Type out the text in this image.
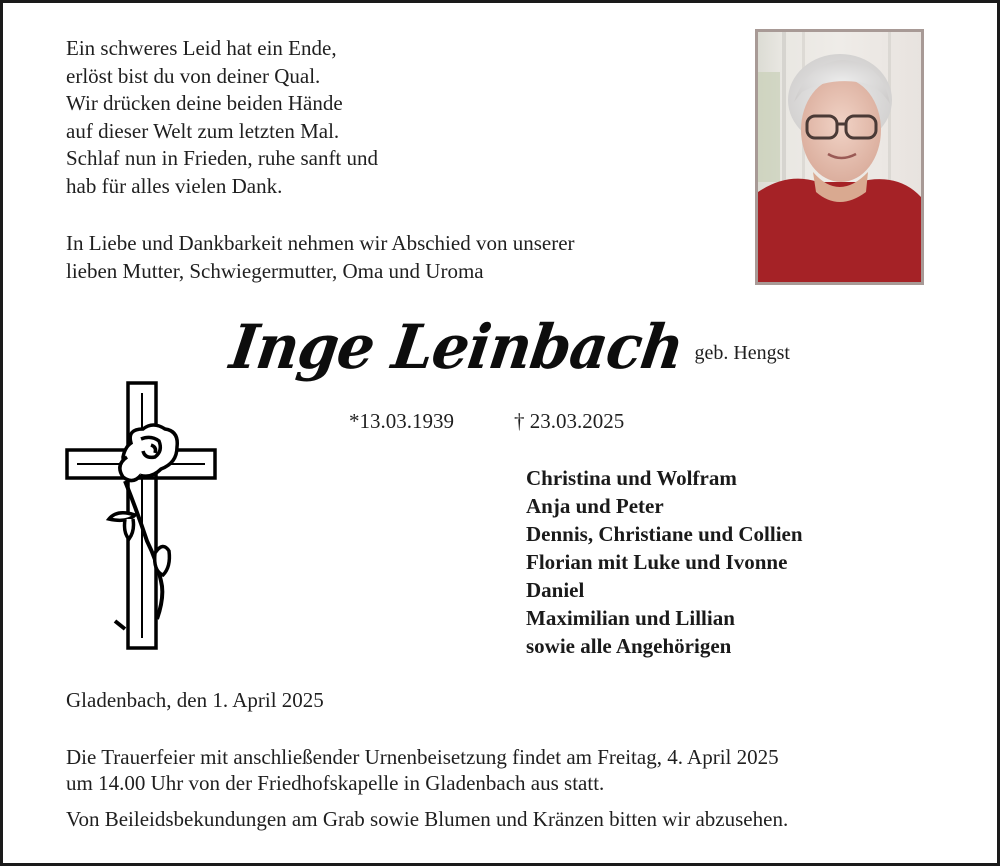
Ein schweres Leid hat ein Ende,
erlöst bist du von deiner Qual.
Wir drücken deine beiden Hände
auf dieser Welt zum letzten Mal.
Schlaf nun in Frieden, ruhe sanft und
hab für alles vielen Dank.
In Liebe und Dankbarkeit nehmen wir Abschied von unserer
lieben Mutter, Schwiegermutter, Oma und Uroma
Inge Leinbach geb. Hengst
*13.03.1939	† 23.03.2025
Christina und Wolfram
Anja und Peter
Dennis, Christiane und Collien
Florian mit Luke und Ivonne
Daniel
Maximilian und Lillian
sowie alle Angehörigen
Gladenbach, den 1. April 2025
Die Trauerfeier mit anschließender Urnenbeisetzung findet am Freitag, 4. April 2025
um 14.00 Uhr von der Friedhofskapelle in Gladenbach aus statt.
Von Beileidsbekundungen am Grab sowie Blumen und Kränzen bitten wir abzusehen.
